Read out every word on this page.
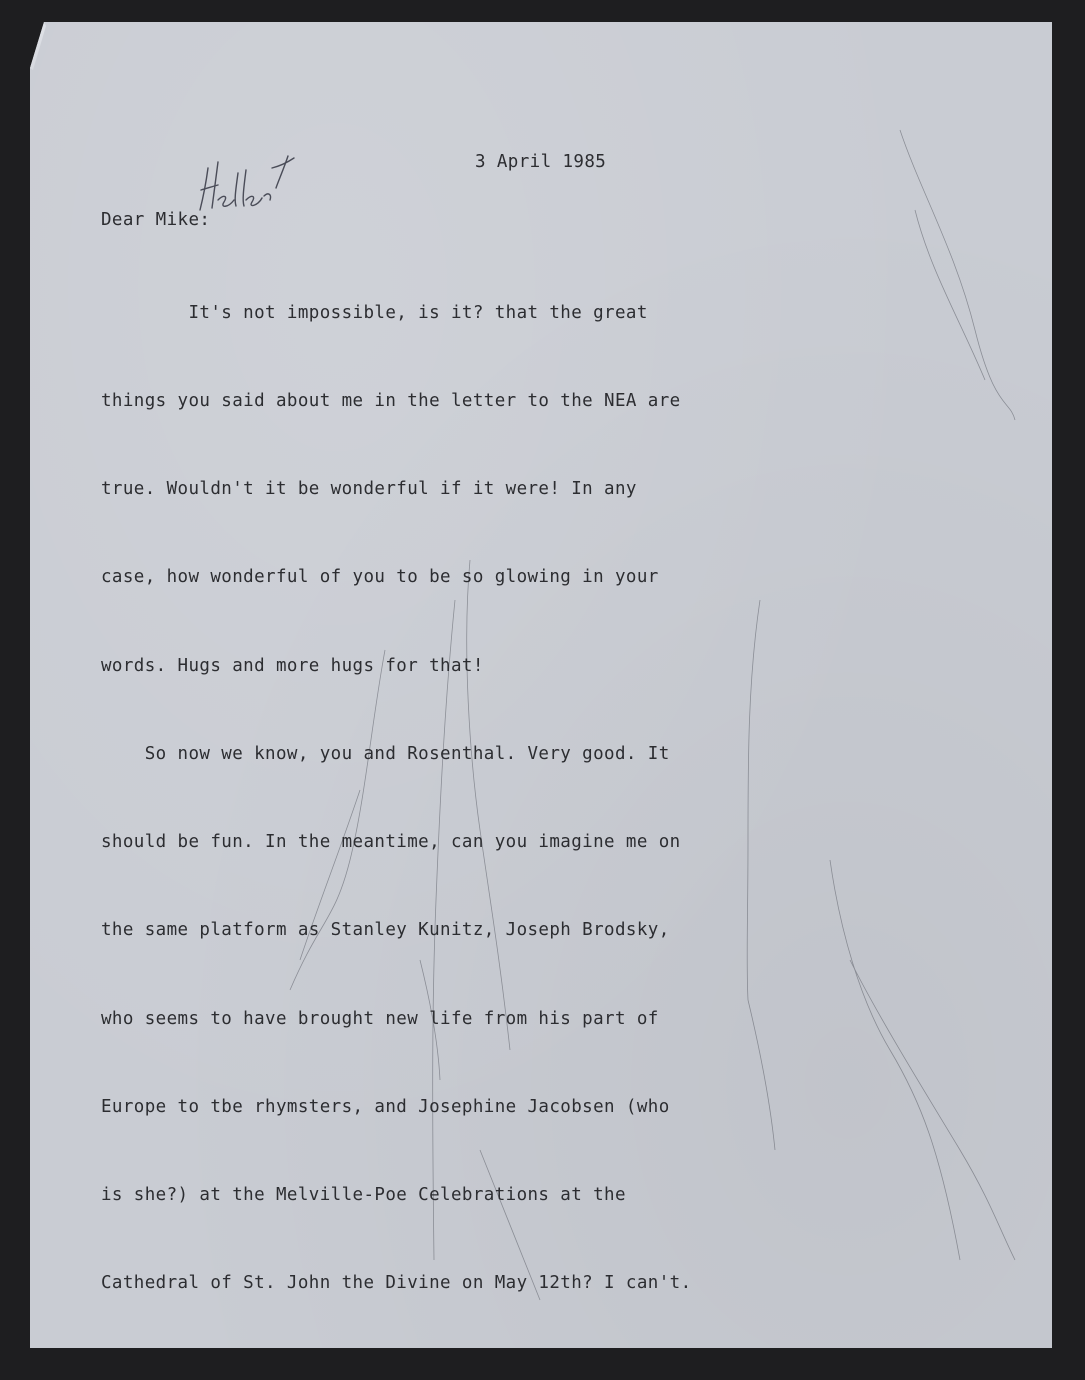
3 April 1985
Dear Mike:

It's not impossible, is it? that the great

things you said about me in the letter to the NEA are

true. Wouldn't it be wonderful if it were! In any

case, how wonderful of you to be so glowing in your

words. Hugs and more hugs for that!

So now we know, you and Rosenthal. Very good. It

should be fun. In the meantime, can you imagine me on

the same platform as Stanley Kunitz, Joseph Brodsky,

who seems to have brought new life from his part of

Europe to tbe rhymsters, and Josephine Jacobsen (who

is she?) at the Melville-Poe Celebrations at the

Cathedral of St. John the Divine on May 12th? I can't.
